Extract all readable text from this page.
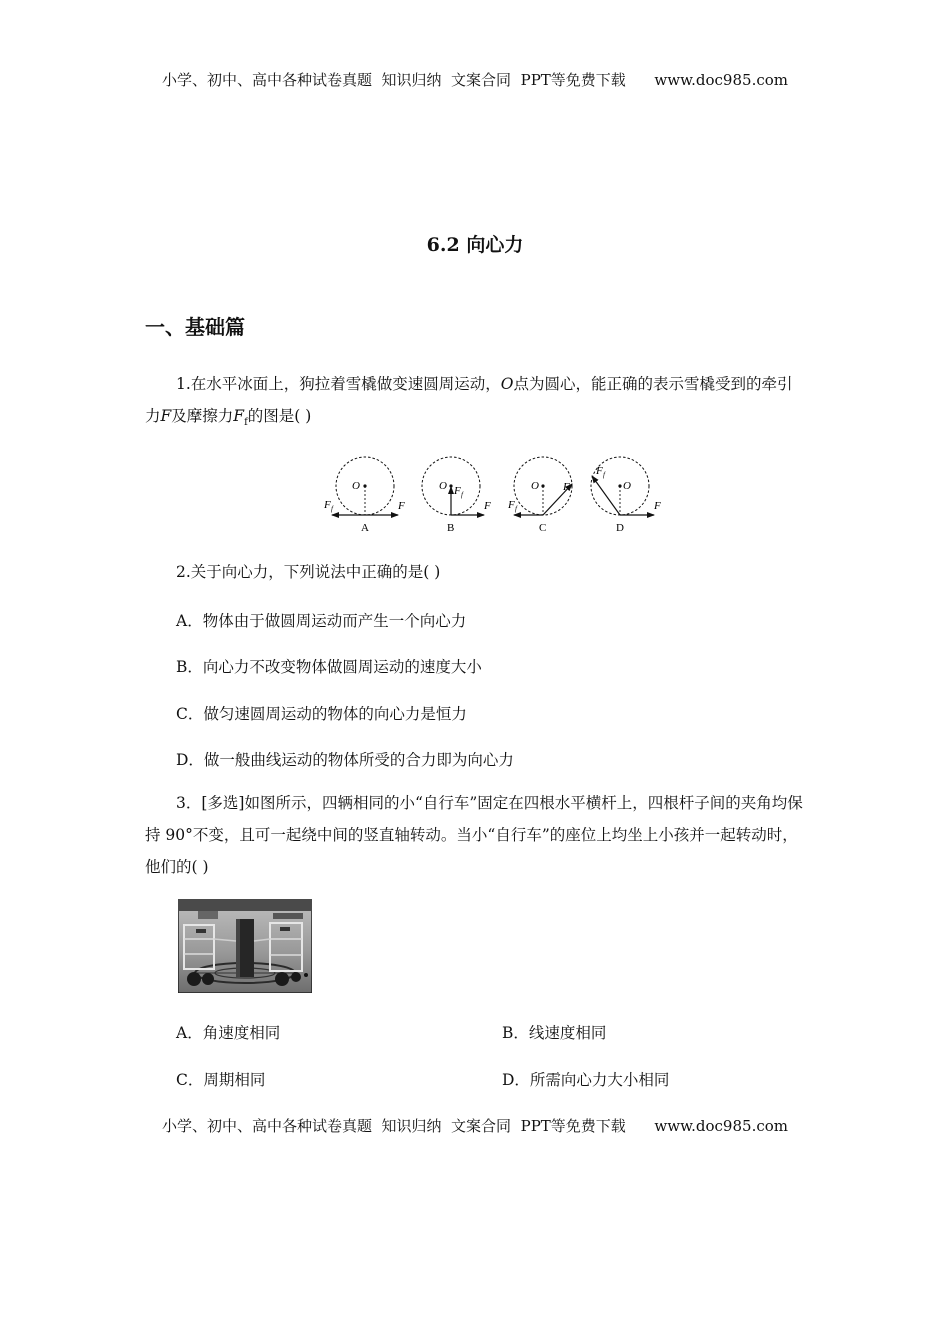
小学、初中、高中各种试卷真题  知识归纳  文案合同  PPT等免费下载      www.doc985.com
6.2 向心力
一、基础篇
1.在水平冰面上，狗拉着雪橇做变速圆周运动，O点为圆心，能正确的表示雪橇受到的牵引力F及摩擦力$F_f$的图是( )
O
F
F f
A
O F f
F
B
O F
F f
C
O
F f
F
D
2.关于向心力，下列说法中正确的是( )
A．物体由于做圆周运动而产生一个向心力
B．向心力不改变物体做圆周运动的速度大小
C．做匀速圆周运动的物体的向心力是恒力
D．做一般曲线运动的物体所受的合力即为向心力
3．[多选]如图所示，四辆相同的小“自行车”固定在四根水平横杆上，四根杆子间的夹角均保持 90°不变，且可一起绕中间的竖直轴转动。当小“自行车”的座位上均坐上小孩并一起转动时，他们的( )
A．角速度相同	B．线速度相同
C．周期相同	D．所需向心力大小相同
小学、初中、高中各种试卷真题  知识归纳  文案合同  PPT等免费下载      www.doc985.com
